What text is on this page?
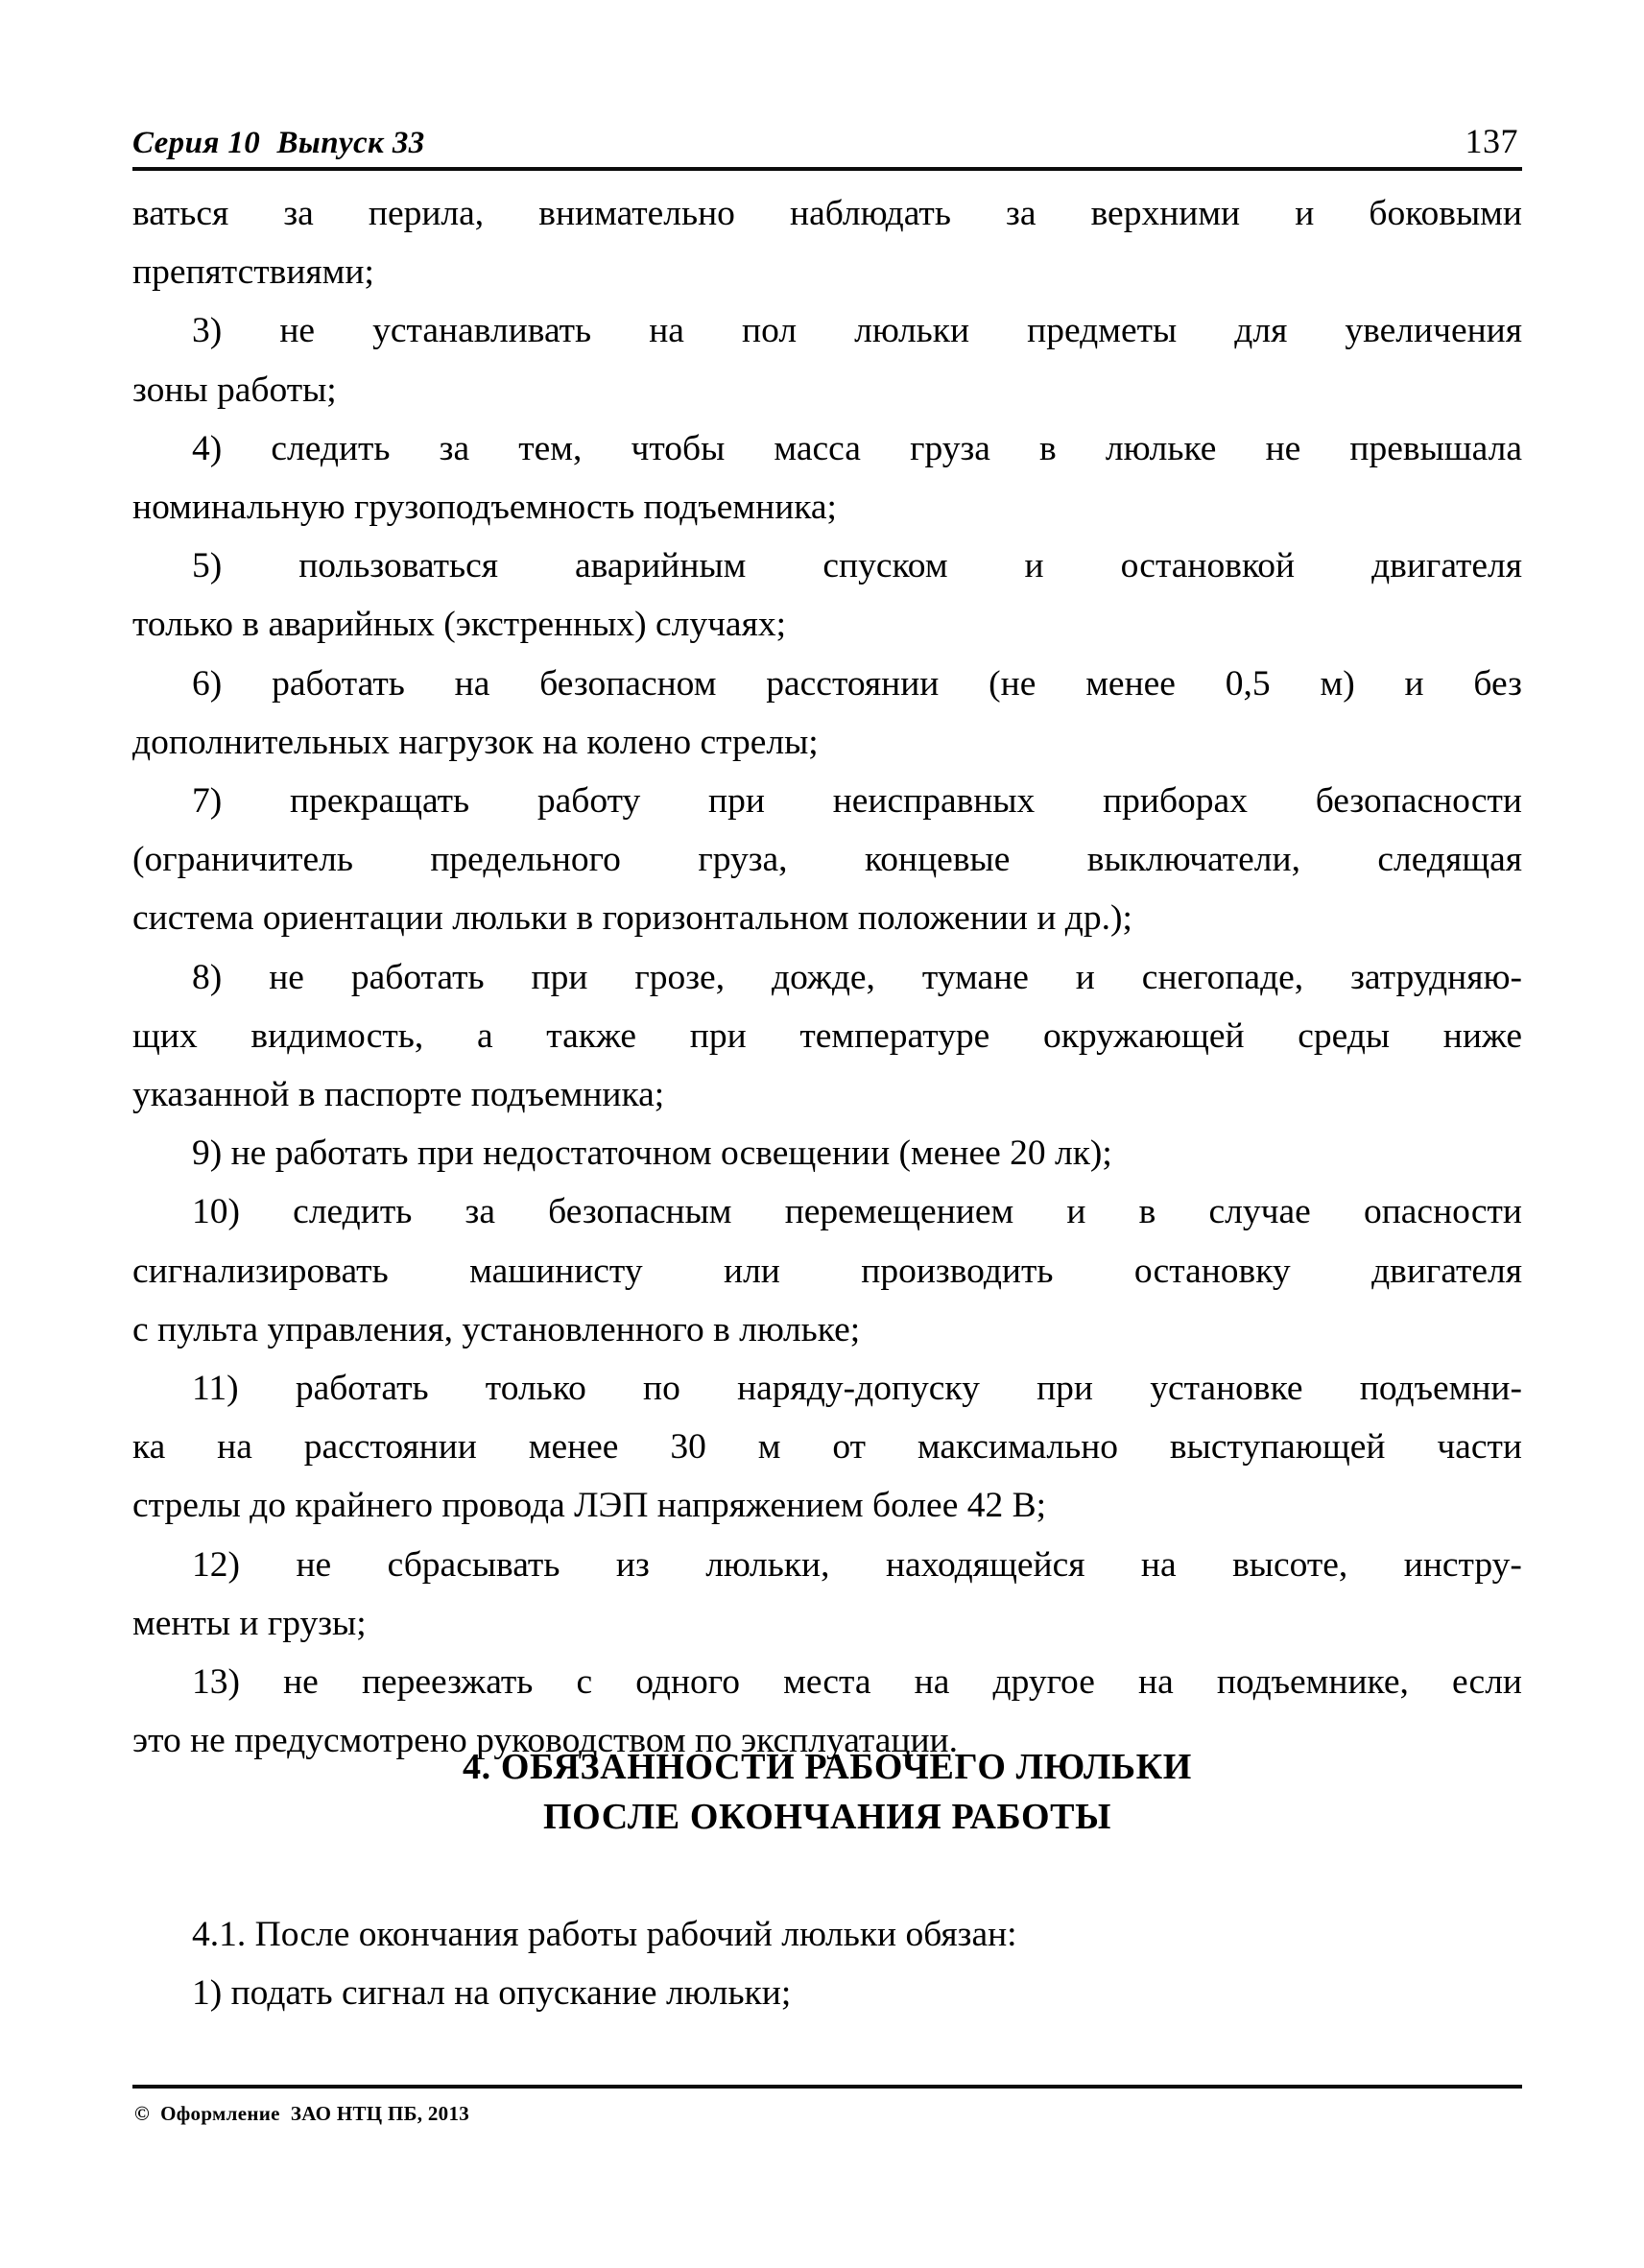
Серия 10  Выпуск 33	137

ваться за перила, внимательно наблюдать за верхними и боковыми
препятствиями;

3) не устанавливать на пол люльки предметы для увеличения
зоны работы;

4) следить за тем, чтобы масса груза в люльке не превышала
номинальную грузоподъемность подъемника;

5) пользоваться аварийным спуском и остановкой двигателя
только в аварийных (экстренных) случаях;

6) работать на безопасном расстоянии (не менее 0,5 м) и без
дополнительных нагрузок на колено стрелы;

7) прекращать работу при неисправных приборах безопасности
(ограничитель предельного груза, концевые выключатели, следящая
система ориентации люльки в горизонтальном положении и др.);

8) не работать при грозе, дожде, тумане и снегопаде, затрудняю-
щих видимость, а также при температуре окружающей среды ниже
указанной в паспорте подъемника;

9) не работать при недостаточном освещении (менее 20 лк);

10) следить за безопасным перемещением и в случае опасности
сигнализировать машинисту или производить остановку двигателя
с пульта управления, установленного в люльке;

11) работать только по наряду-допуску при установке подъемни-
ка на расстоянии менее 30 м от максимально выступающей части
стрелы до крайнего провода ЛЭП напряжением более 42 В;

12) не сбрасывать из люльки, находящейся на высоте, инстру-
менты и грузы;

13) не переезжать с одного места на другое на подъемнике, если
это не предусмотрено руководством по эксплуатации.

4. ОБЯЗАННОСТИ РАБОЧЕГО ЛЮЛЬКИ
ПОСЛЕ ОКОНЧАНИЯ РАБОТЫ

4.1. После окончания работы рабочий люльки обязан:

1) подать сигнал на опускание люльки;

©  Оформление  ЗАО НТЦ ПБ, 2013
